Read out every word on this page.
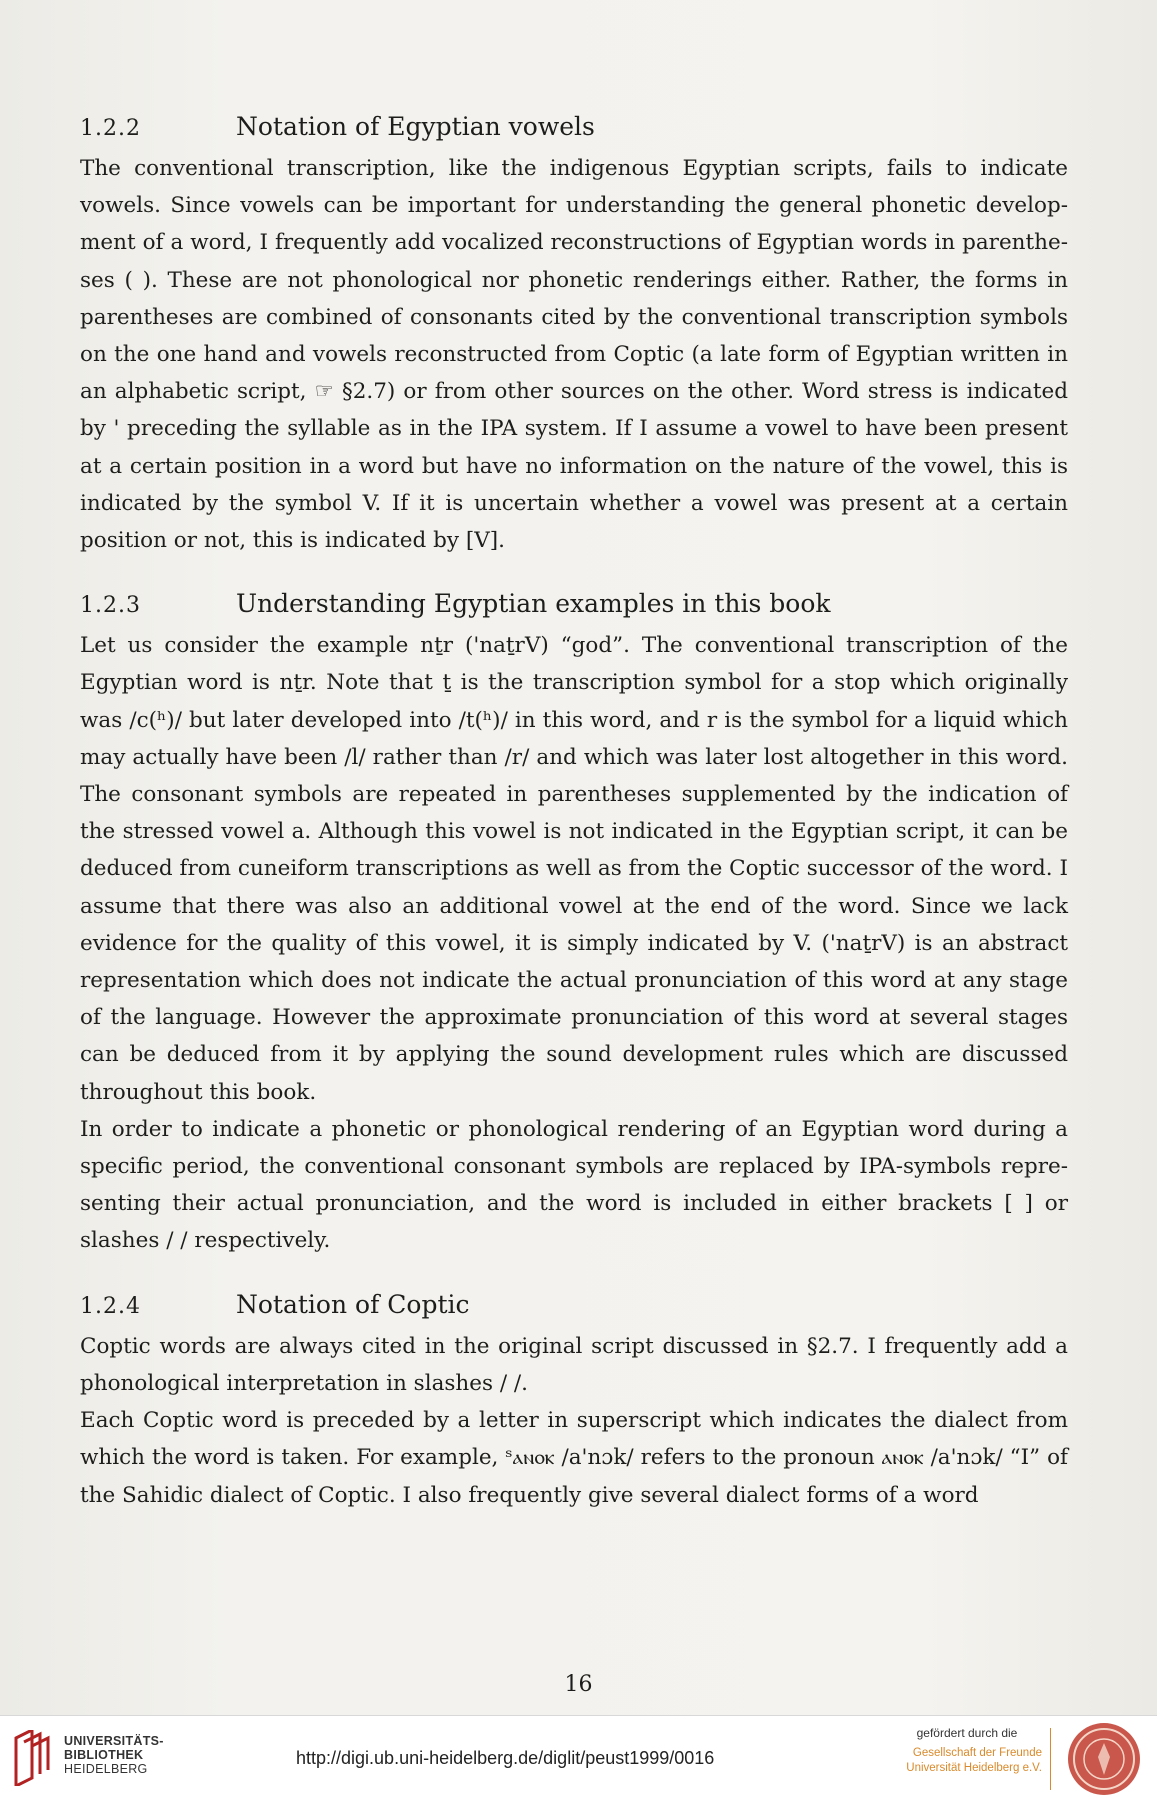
1.2.2	Notation of Egyptian vowels

The conventional transcription, like the indigenous Egyptian scripts, fails to indicate vowels. Since vowels can be important for understanding the general phonetic development of a word, I frequently add vocalized reconstructions of Egyptian words in parentheses ( ). These are not phonological nor phonetic renderings either. Rather, the forms in parentheses are combined of consonants cited by the conventional transcription symbols on the one hand and vowels reconstructed from Coptic (a late form of Egyptian written in an alphabetic script, ☞ §2.7) or from other sources on the other. Word stress is indicated by ' preceding the syllable as in the IPA system. If I assume a vowel to have been present at a certain position in a word but have no information on the nature of the vowel, this is indicated by the symbol V. If it is uncertain whether a vowel was present at a certain position or not, this is indicated by [V].

1.2.3	Understanding Egyptian examples in this book

Let us consider the example nṯr ('naṯrV) “god”. The conventional transcription of the Egyptian word is nṯr. Note that ṯ is the transcription symbol for a stop which originally was /c(ʰ)/ but later developed into /t(ʰ)/ in this word, and r is the symbol for a liquid which may actually have been /l/ rather than /r/ and which was later lost altogether in this word. The consonant symbols are repeated in parentheses supplemented by the indication of the stressed vowel a. Although this vowel is not indicated in the Egyptian script, it can be deduced from cuneiform transcriptions as well as from the Coptic successor of the word. I assume that there was also an additional vowel at the end of the word. Since we lack evidence for the quality of this vowel, it is simply indicated by V. ('naṯrV) is an abstract representation which does not indicate the actual pronunciation of this word at any stage of the language. However the approximate pronunciation of this word at several stages can be deduced from it by applying the sound development rules which are discussed throughout this book.

In order to indicate a phonetic or phonological rendering of an Egyptian word during a specific period, the conventional consonant symbols are replaced by IPA-symbols representing their actual pronunciation, and the word is included in either brackets [ ] or slashes / / respectively.

1.2.4	Notation of Coptic

Coptic words are always cited in the original script discussed in §2.7. I frequently add a phonological interpretation in slashes / /.

Each Coptic word is preceded by a letter in superscript which indicates the dialect from which the word is taken. For example, ˢⲁⲛⲟⲕ /a'nɔk/ refers to the pronoun ⲁⲛⲟⲕ /a'nɔk/ “I” of the Sahidic dialect of Coptic. I also frequently give several dialect forms of a word

16
UNIVERSITÄTS-
BIBLIOTHEK
HEIDELBERG
http://digi.ub.uni-heidelberg.de/diglit/peust1999/0016
gefördert durch die
Gesellschaft der Freunde
Universität Heidelberg e.V.
